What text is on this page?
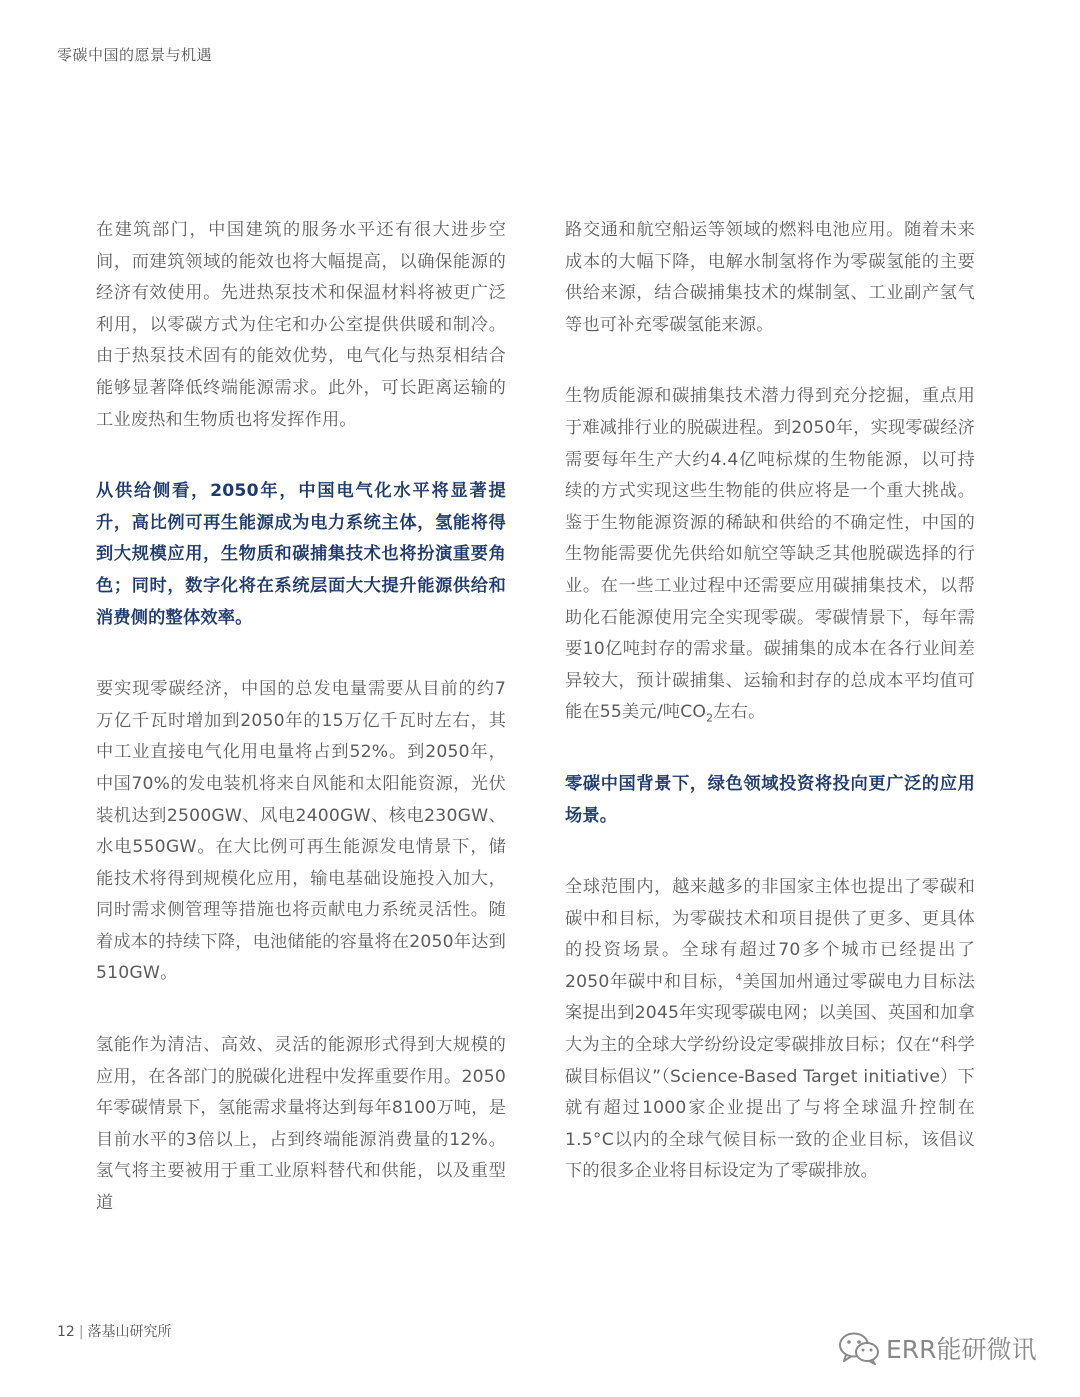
零碳中国的愿景与机遇

在建筑部门，中国建筑的服务水平还有很大进步空间，而建筑领域的能效也将大幅提高，以确保能源的经济有效使用。先进热泵技术和保温材料将被更广泛利用，以零碳方式为住宅和办公室提供供暖和制冷。由于热泵技术固有的能效优势，电气化与热泵相结合能够显著降低终端能源需求。此外，可长距离运输的工业废热和生物质也将发挥作用。

从供给侧看，2050年，中国电气化水平将显著提升，高比例可再生能源成为电力系统主体，氢能将得到大规模应用，生物质和碳捕集技术也将扮演重要角色；同时，数字化将在系统层面大大提升能源供给和消费侧的整体效率。

要实现零碳经济，中国的总发电量需要从目前的约7万亿千瓦时增加到2050年的15万亿千瓦时左右，其中工业直接电气化用电量将占到52%。到2050年，中国70%的发电装机将来自风能和太阳能资源，光伏装机达到2500GW、风电2400GW、核电230GW、水电550GW。在大比例可再生能源发电情景下，储能技术将得到规模化应用，输电基础设施投入加大，同时需求侧管理等措施也将贡献电力系统灵活性。随着成本的持续下降，电池储能的容量将在2050年达到510GW。

氢能作为清洁、高效、灵活的能源形式得到大规模的应用，在各部门的脱碳化进程中发挥重要作用。2050年零碳情景下，氢能需求量将达到每年8100万吨，是目前水平的3倍以上，占到终端能源消费量的12%。氢气将主要被用于重工业原料替代和供能，以及重型道

路交通和航空船运等领域的燃料电池应用。随着未来成本的大幅下降，电解水制氢将作为零碳氢能的主要供给来源，结合碳捕集技术的煤制氢、工业副产氢气等也可补充零碳氢能来源。

生物质能源和碳捕集技术潜力得到充分挖掘，重点用于难减排行业的脱碳进程。到2050年，实现零碳经济需要每年生产大约4.4亿吨标煤的生物能源，以可持续的方式实现这些生物能的供应将是一个重大挑战。鉴于生物能源资源的稀缺和供给的不确定性，中国的生物能需要优先供给如航空等缺乏其他脱碳选择的行业。在一些工业过程中还需要应用碳捕集技术，以帮助化石能源使用完全实现零碳。零碳情景下，每年需要10亿吨封存的需求量。碳捕集的成本在各行业间差异较大，预计碳捕集、运输和封存的总成本平均值可能在55美元/吨$CO_2$左右。

零碳中国背景下，绿色领域投资将投向更广泛的应用场景。

全球范围内，越来越多的非国家主体也提出了零碳和碳中和目标，为零碳技术和项目提供了更多、更具体的投资场景。全球有超过70多个城市已经提出了2050年碳中和目标，$^4$美国加州通过零碳电力目标法案提出到2045年实现零碳电网；以美国、英国和加拿大为主的全球大学纷纷设定零碳排放目标；仅在“科学碳目标倡议”（Science-Based Target initiative）下就有超过1000家企业提出了与将全球温升控制在1.5°C以内的全球气候目标一致的企业目标，该倡议下的很多企业将目标设定为了零碳排放。

12 | 落基山研究所
ERR能研微讯
